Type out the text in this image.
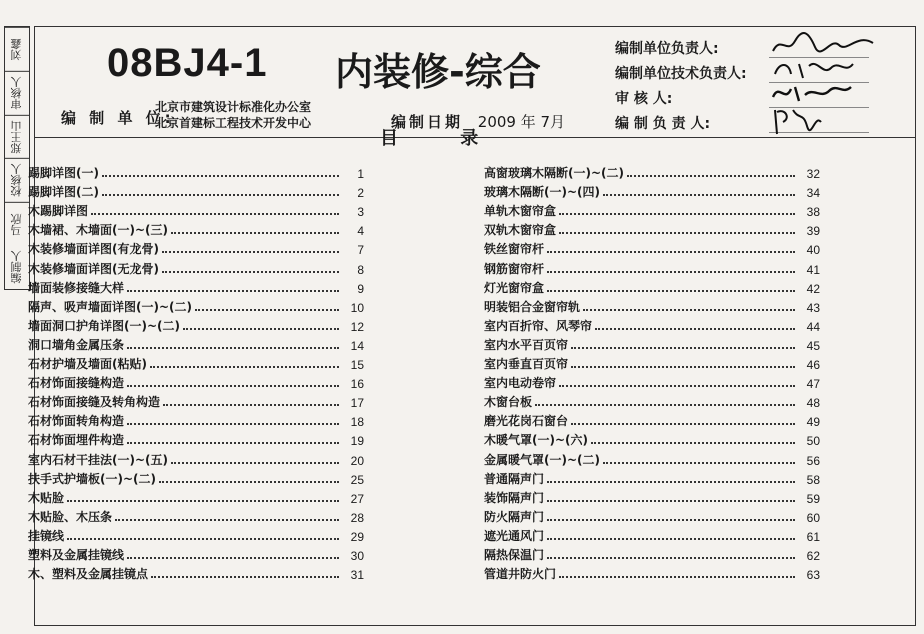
刘鑫
审核人
郑王山
校核人
马欣
编制人
08BJ4-1 内装修-综合
编 制 单 位:
北京市建筑设计标准化办公室
北京首建标工程技术开发中心	编制日期 2009 年 7月
编制单位负责人:
编制单位技术负责人:
审 核 人:
编 制 负 责 人:
目 录
踢脚详图(一)	1
踢脚详图(二)	2
木踢脚详图	3
木墙裙、木墙面(一)~(三)	4
木装修墙面详图(有龙骨)	7
木装修墙面详图(无龙骨)	8
墙面装修接缝大样	9
隔声、吸声墙面详图(一)~(二)	10
墙面洞口护角详图(一)~(二)	12
洞口墙角金属压条	14
石材护墙及墙面(粘贴)	15
石材饰面接缝构造	16
石材饰面接缝及转角构造	17
石材饰面转角构造	18
石材饰面埋件构造	19
室内石材干挂法(一)~(五)	20
扶手式护墙板(一)~(二)	25
木贴脸	27
木贴脸、木压条	28
挂镜线	29
塑料及金属挂镜线	30
木、塑料及金属挂镜点	31
高窗玻璃木隔断(一)~(二)	32
玻璃木隔断(一)~(四)	34
单轨木窗帘盒	38
双轨木窗帘盒	39
铁丝窗帘杆	40
钢筋窗帘杆	41
灯光窗帘盒	42
明装铝合金窗帘轨	43
室内百折帘、风琴帘	44
室内水平百页帘	45
室内垂直百页帘	46
室内电动卷帘	47
木窗台板	48
磨光花岗石窗台	49
木暖气罩(一)~(六)	50
金属暖气罩(一)~(二)	56
普通隔声门	58
装饰隔声门	59
防火隔声门	60
遮光通风门	61
隔热保温门	62
管道井防火门	63
